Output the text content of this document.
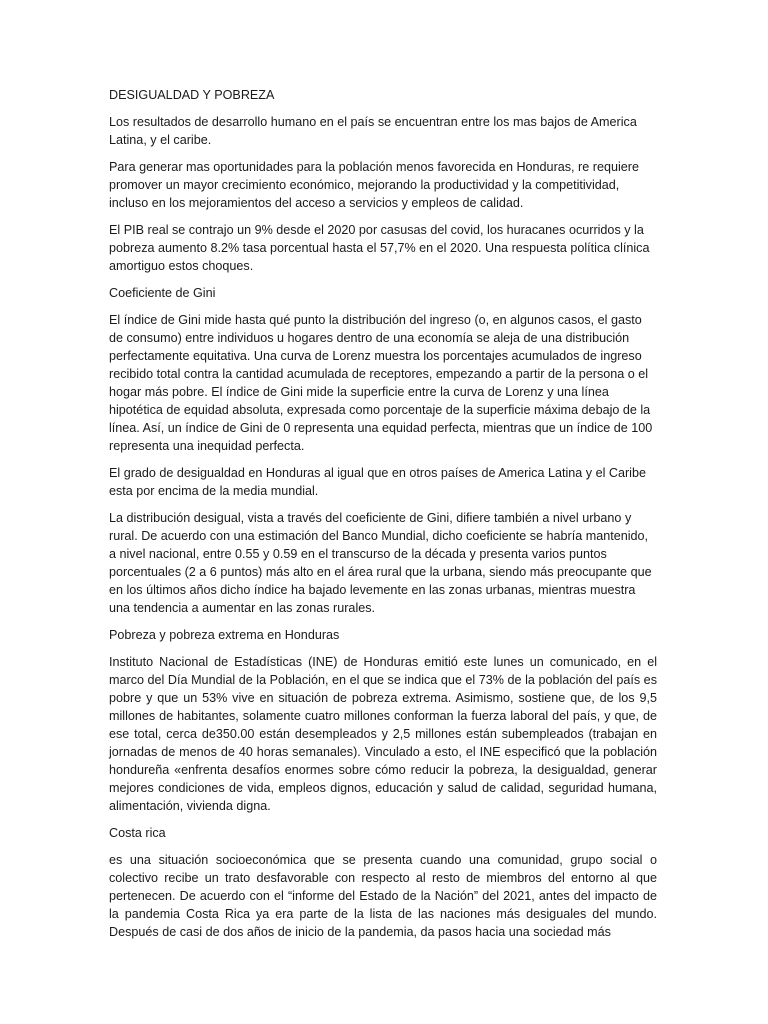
DESIGUALDAD Y POBREZA

Los resultados de desarrollo humano en el país se encuentran entre los mas bajos de America Latina, y el caribe.

Para generar mas oportunidades para la población menos favorecida en Honduras, re requiere promover un mayor crecimiento económico, mejorando la productividad y la competitividad, incluso en los mejoramientos del acceso a servicios y empleos de calidad.

El PIB real se contrajo un 9% desde el 2020 por casusas del covid, los huracanes ocurridos y la pobreza aumento 8.2% tasa porcentual hasta el 57,7% en el 2020. Una respuesta política clínica amortiguo estos choques.

Coeficiente de Gini

El índice de Gini mide hasta qué punto la distribución del ingreso (o, en algunos casos, el gasto de consumo) entre individuos u hogares dentro de una economía se aleja de una distribución perfectamente equitativa. Una curva de Lorenz muestra los porcentajes acumulados de ingreso recibido total contra la cantidad acumulada de receptores, empezando a partir de la persona o el hogar más pobre. El índice de Gini mide la superficie entre la curva de Lorenz y una línea hipotética de equidad absoluta, expresada como porcentaje de la superficie máxima debajo de la línea. Así, un índice de Gini de 0 representa una equidad perfecta, mientras que un índice de 100 representa una inequidad perfecta.

El grado de desigualdad en Honduras al igual que en otros países de America Latina y el Caribe esta por encima de la media mundial.

La distribución desigual, vista a través del coeficiente de Gini, difiere también a nivel urbano y rural. De acuerdo con una estimación del Banco Mundial, dicho coeficiente se habría mantenido, a nivel nacional, entre 0.55 y 0.59 en el transcurso de la década y presenta varios puntos porcentuales (2 a 6 puntos) más alto en el área rural que la urbana, siendo más preocupante que en los últimos años dicho índice ha bajado levemente en las zonas urbanas, mientras muestra una tendencia a aumentar en las zonas rurales.

Pobreza y pobreza extrema en Honduras

Instituto Nacional de Estadísticas (INE) de Honduras emitió este lunes un comunicado, en el marco del Día Mundial de la Población, en el que se indica que el 73% de la población del país es pobre y que un 53% vive en situación de pobreza extrema. Asimismo, sostiene que, de los 9,5 millones de habitantes, solamente cuatro millones conforman la fuerza laboral del país, y que, de ese total, cerca de350.00 están desempleados y 2,5 millones están subempleados (trabajan en jornadas de menos de 40 horas semanales). Vinculado a esto, el INE especificó que la población hondureña «enfrenta desafíos enormes sobre cómo reducir la pobreza, la desigualdad, generar mejores condiciones de vida, empleos dignos, educación y salud de calidad, seguridad humana, alimentación, vivienda digna.

Costa rica

es una situación socioeconómica que se presenta cuando una comunidad, grupo social o colectivo recibe un trato desfavorable con respecto al resto de miembros del entorno al que pertenecen. De acuerdo con el “informe del Estado de la Nación” del 2021, antes del impacto de la pandemia Costa Rica ya era parte de la lista de las naciones más desiguales del mundo. Después de casi de dos años de inicio de la pandemia, da pasos hacia una sociedad más
